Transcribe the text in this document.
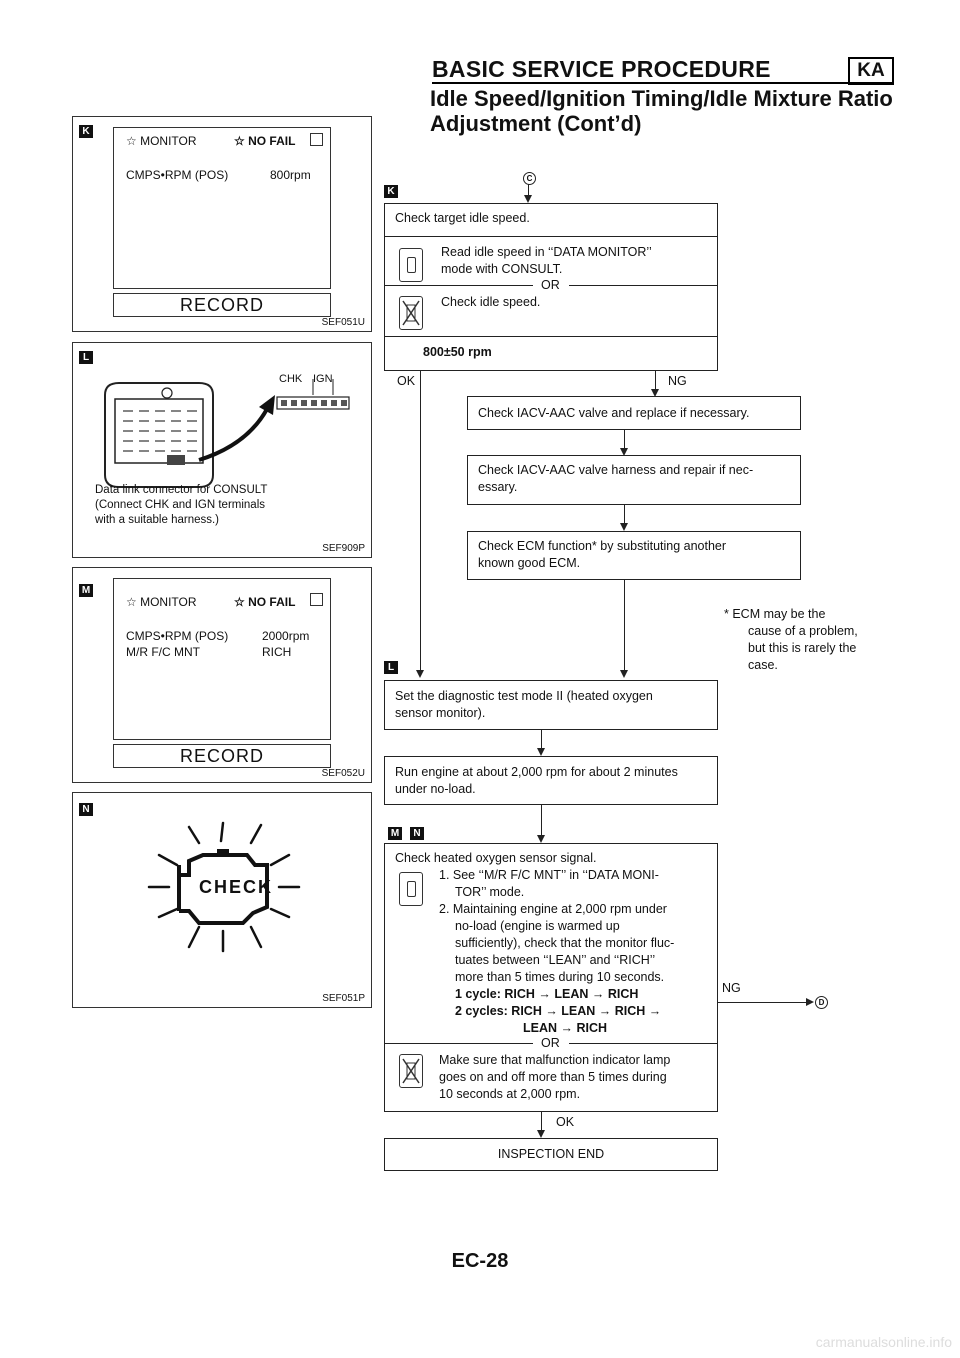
BASIC SERVICE PROCEDURE	KA
Idle Speed/Ignition Timing/Idle Mixture Ratio
Adjustment (Cont’d)
K
☆ MONITOR	☆ NO FAIL
CMPS•RPM (POS)	800rpm
RECORD
SEF051U
L
CHK IGN
Data link connector for CONSULT
(Connect CHK and IGN terminals
with a suitable harness.)
SEF909P
M
☆ MONITOR	☆ NO FAIL
CMPS•RPM (POS)	2000rpm
M/R F/C MNT	RICH
RECORD
SEF052U
N
CHECK
SEF051P
C
K
Check target idle speed.
Read idle speed in ‘‘DATA MONITOR’’
mode with CONSULT.
OR
Check idle speed.
800±50 rpm
OK	NG
Check IACV-AAC valve and replace if necessary.
Check IACV-AAC valve harness and repair if nec-
essary.
Check ECM function* by substituting another
known good ECM.
* ECM may be the
cause of a problem,
but this is rarely the
case.
L
Set the diagnostic test mode II (heated oxygen
sensor monitor).
Run engine at about 2,000 rpm for about 2 minutes
under no-load.
M	N
Check heated oxygen sensor signal.
1. See ‘‘M/R F/C MNT’’ in ‘‘DATA MONI-
TOR’’ mode.
2. Maintaining engine at 2,000 rpm under
no-load (engine is warmed up
sufficiently), check that the monitor fluc-
tuates between ‘‘LEAN’’ and ‘‘RICH’’
more than 5 times during 10 seconds.
1 cycle: RICH → LEAN → RICH
2 cycles: RICH → LEAN → RICH →
LEAN → RICH
OR
Make sure that malfunction indicator lamp
goes on and off more than 5 times during
10 seconds at 2,000 rpm.
NG
D
OK
INSPECTION END
EC-28
carmanualsonline.info
